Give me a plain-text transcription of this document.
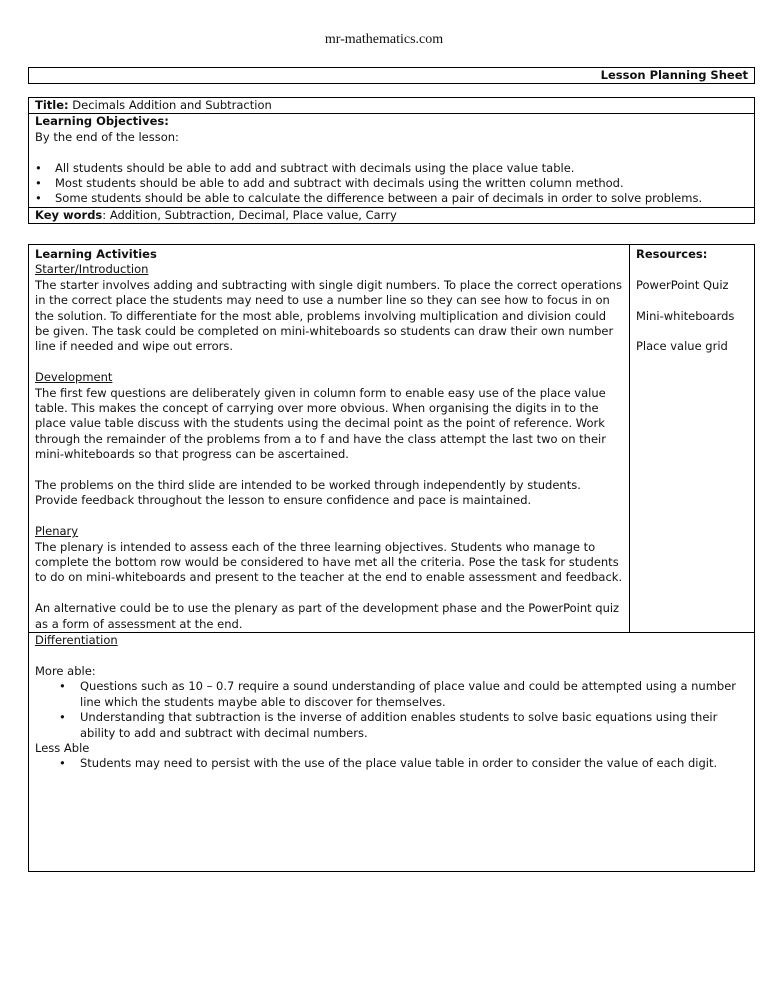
mr-mathematics.com
Lesson Planning Sheet
Title: Decimals Addition and Subtraction

Learning Objectives:

By the end of the lesson:

• All students should be able to add and subtract with decimals using the place value table.
• Most students should be able to add and subtract with decimals using the written column method.
• Some students should be able to calculate the difference between a pair of decimals in order to solve problems.

Key words: Addition, Subtraction, Decimal, Place value, Carry

Learning Activities

Starter/Introduction

The starter involves adding and subtracting with single digit numbers. To place the correct operations in the correct place the students may need to use a number line so they can see how to focus in on the solution. To differentiate for the most able, problems involving multiplication and division could be given. The task could be completed on mini-whiteboards so students can draw their own number line if needed and wipe out errors.

Development

The first few questions are deliberately given in column form to enable easy use of the place value table. This makes the concept of carrying over more obvious. When organising the digits in to the place value table discuss with the students using the decimal point as the point of reference. Work through the remainder of the problems from a to f and have the class attempt the last two on their mini-whiteboards so that progress can be ascertained.

The problems on the third slide are intended to be worked through independently by students. Provide feedback throughout the lesson to ensure confidence and pace is maintained.

Plenary

The plenary is intended to assess each of the three learning objectives. Students who manage to complete the bottom row would be considered to have met all the criteria. Pose the task for students to do on mini-whiteboards and present to the teacher at the end to enable assessment and feedback.

An alternative could be to use the plenary as part of the development phase and the PowerPoint quiz as a form of assessment at the end.

Resources:

PowerPoint Quiz

Mini-whiteboards

Place value grid

Differentiation

More able:

• Questions such as 10 – 0.7 require a sound understanding of place value and could be attempted using a number line which the students maybe able to discover for themselves.
• Understanding that subtraction is the inverse of addition enables students to solve basic equations using their ability to add and subtract with decimal numbers.

Less Able

• Students may need to persist with the use of the place value table in order to consider the value of each digit.
